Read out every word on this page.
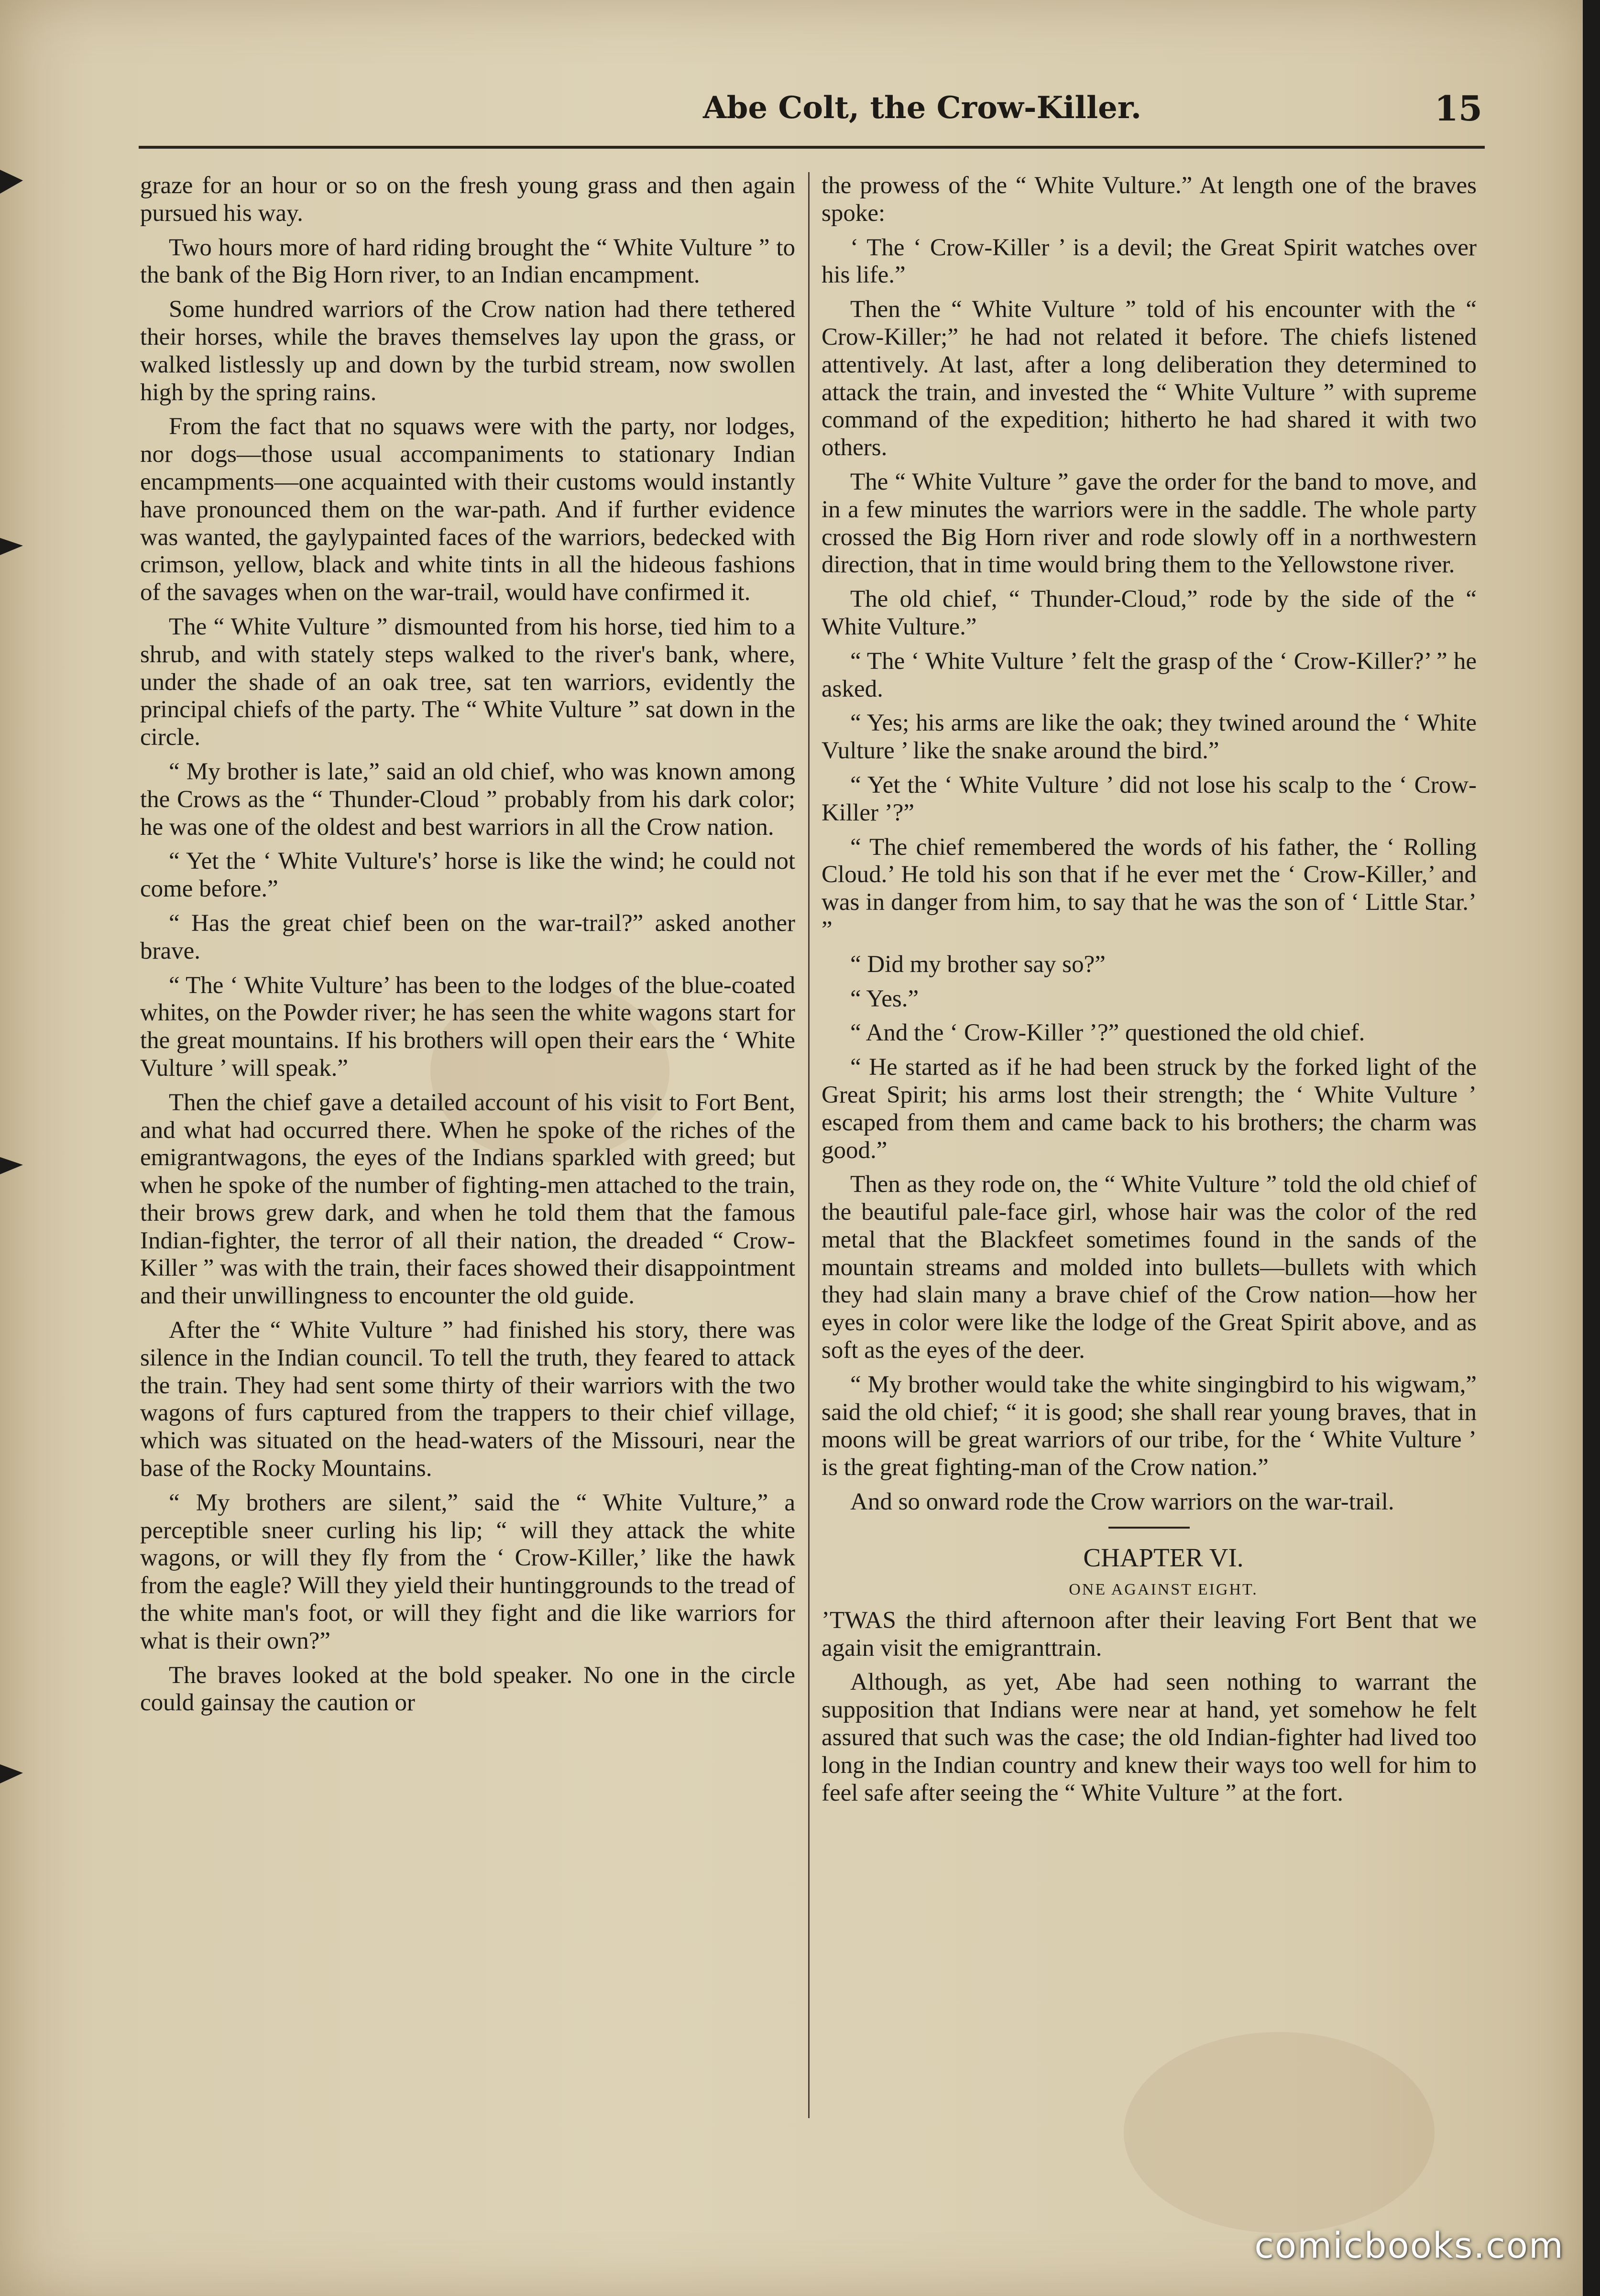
Abe Colt, the Crow-Killer.	15

graze for an hour or so on the fresh young grass and then again pursued his way.

Two hours more of hard riding brought the “ White Vulture ” to the bank of the Big Horn river, to an Indian encampment.

Some hundred warriors of the Crow nation had there tethered their horses, while the braves themselves lay upon the grass, or walked listlessly up and down by the turbid stream, now swollen high by the spring rains.

From the fact that no squaws were with the party, nor lodges, nor dogs—those usual accompaniments to stationary Indian encampments—one acquainted with their customs would instantly have pronounced them on the war-path. And if further evidence was wanted, the gaylypainted faces of the warriors, bedecked with crimson, yellow, black and white tints in all the hideous fashions of the savages when on the war-trail, would have confirmed it.

The “ White Vulture ” dismounted from his horse, tied him to a shrub, and with stately steps walked to the river's bank, where, under the shade of an oak tree, sat ten warriors, evidently the principal chiefs of the party. The “ White Vulture ” sat down in the circle.

“ My brother is late,” said an old chief, who was known among the Crows as the “ Thunder-Cloud ” probably from his dark color; he was one of the oldest and best warriors in all the Crow nation.

“ Yet the ‘ White Vulture's’ horse is like the wind; he could not come before.”

“ Has the great chief been on the war-trail?” asked another brave.

“ The ‘ White Vulture’ has been to the lodges of the blue-coated whites, on the Powder river; he has seen the white wagons start for the great mountains. If his brothers will open their ears the ‘ White Vulture ’ will speak.”

Then the chief gave a detailed account of his visit to Fort Bent, and what had occurred there. When he spoke of the riches of the emigrantwagons, the eyes of the Indians sparkled with greed; but when he spoke of the number of fighting-men attached to the train, their brows grew dark, and when he told them that the famous Indian-fighter, the terror of all their nation, the dreaded “ Crow-Killer ” was with the train, their faces showed their disappointment and their unwillingness to encounter the old guide.

After the “ White Vulture ” had finished his story, there was silence in the Indian council. To tell the truth, they feared to attack the train. They had sent some thirty of their warriors with the two wagons of furs captured from the trappers to their chief village, which was situated on the head-waters of the Missouri, near the base of the Rocky Mountains.

“ My brothers are silent,” said the “ White Vulture,” a perceptible sneer curling his lip; “ will they attack the white wagons, or will they fly from the ‘ Crow-Killer,’ like the hawk from the eagle? Will they yield their huntinggrounds to the tread of the white man's foot, or will they fight and die like warriors for what is their own?”

The braves looked at the bold speaker. No one in the circle could gainsay the caution or

the prowess of the “ White Vulture.” At length one of the braves spoke:

‘ The ‘ Crow-Killer ’ is a devil; the Great Spirit watches over his life.”

Then the “ White Vulture ” told of his encounter with the “ Crow-Killer;” he had not related it before. The chiefs listened attentively. At last, after a long deliberation they determined to attack the train, and invested the “ White Vulture ” with supreme command of the expedition; hitherto he had shared it with two others.

The “ White Vulture ” gave the order for the band to move, and in a few minutes the warriors were in the saddle. The whole party crossed the Big Horn river and rode slowly off in a northwestern direction, that in time would bring them to the Yellowstone river.

The old chief, “ Thunder-Cloud,” rode by the side of the “ White Vulture.”

“ The ‘ White Vulture ’ felt the grasp of the ‘ Crow-Killer?’ ” he asked.

“ Yes; his arms are like the oak; they twined around the ‘ White Vulture ’ like the snake around the bird.”

“ Yet the ‘ White Vulture ’ did not lose his scalp to the ‘ Crow-Killer ’?”

“ The chief remembered the words of his father, the ‘ Rolling Cloud.’ He told his son that if he ever met the ‘ Crow-Killer,’ and was in danger from him, to say that he was the son of ‘ Little Star.’ ”

“ Did my brother say so?”

“ Yes.”

“ And the ‘ Crow-Killer ’?” questioned the old chief.

“ He started as if he had been struck by the forked light of the Great Spirit; his arms lost their strength; the ‘ White Vulture ’ escaped from them and came back to his brothers; the charm was good.”

Then as they rode on, the “ White Vulture ” told the old chief of the beautiful pale-face girl, whose hair was the color of the red metal that the Blackfeet sometimes found in the sands of the mountain streams and molded into bullets—bullets with which they had slain many a brave chief of the Crow nation—how her eyes in color were like the lodge of the Great Spirit above, and as soft as the eyes of the deer.

“ My brother would take the white singingbird to his wigwam,” said the old chief; “ it is good; she shall rear young braves, that in moons will be great warriors of our tribe, for the ‘ White Vulture ’ is the great fighting-man of the Crow nation.”

And so onward rode the Crow warriors on the war-trail.

CHAPTER VI.

ONE AGAINST EIGHT.

’TWAS the third afternoon after their leaving Fort Bent that we again visit the emigranttrain.

Although, as yet, Abe had seen nothing to warrant the supposition that Indians were near at hand, yet somehow he felt assured that such was the case; the old Indian-fighter had lived too long in the Indian country and knew their ways too well for him to feel safe after seeing the “ White Vulture ” at the fort.

comicbooks.com
